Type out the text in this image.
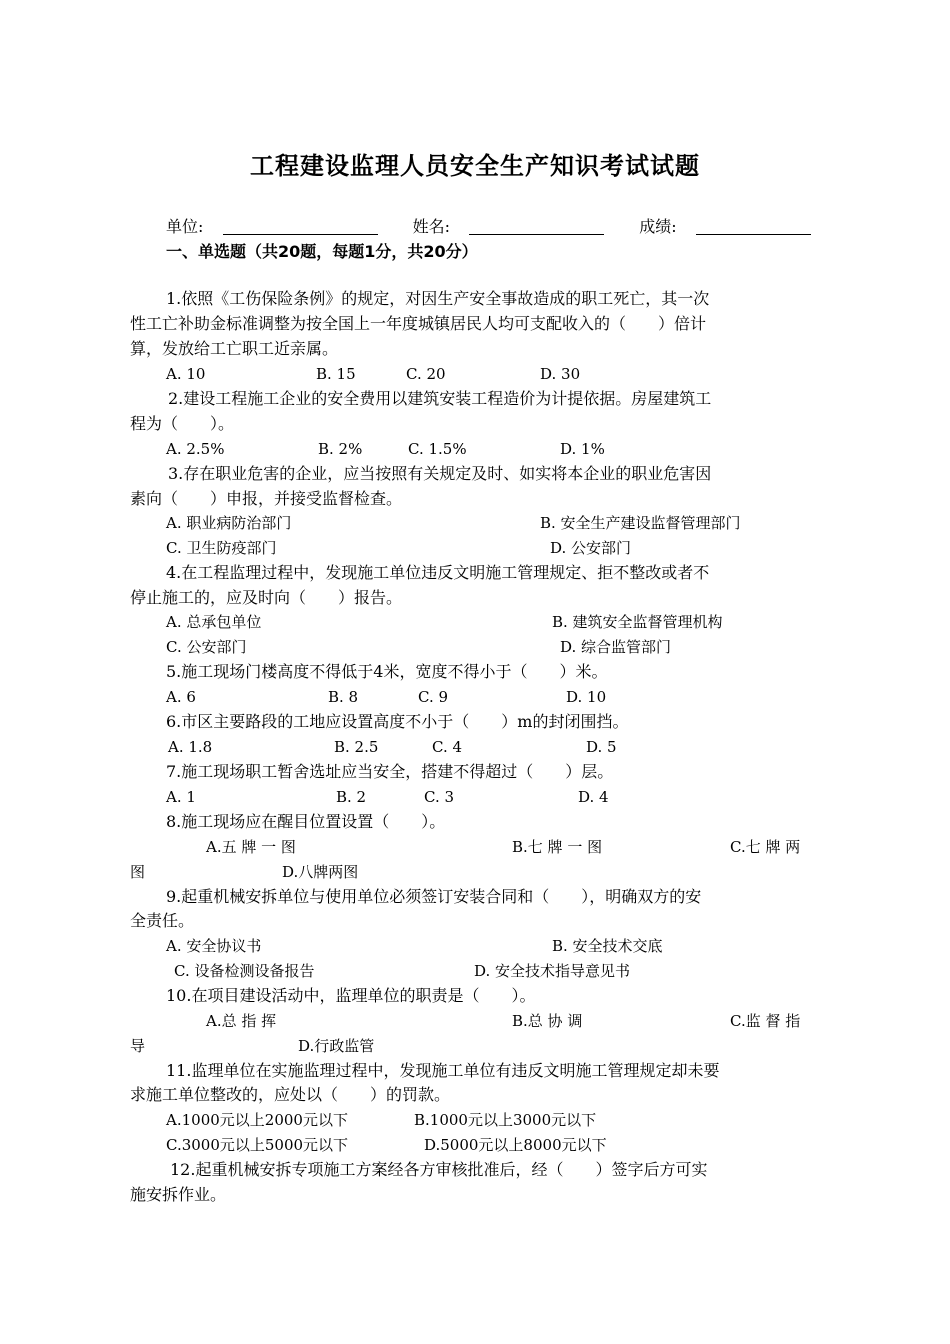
工程建设监理人员安全生产知识考试试题
单位:	姓名:	成绩:
一、单选题（共20题，每题1分，共20分）
1.依照《工伤保险条例》的规定，对因生产安全事故造成的职工死亡，其一次
性工亡补助金标准调整为按全国上一年度城镇居民人均可支配收入的（　　）倍计
算，发放给工亡职工近亲属。
A. 10	B. 15	C. 20	D. 30
2.建设工程施工企业的安全费用以建筑安装工程造价为计提依据。房屋建筑工
程为（　　）。
A. 2.5%	B. 2%	C. 1.5%	D. 1%
3.存在职业危害的企业，应当按照有关规定及时、如实将本企业的职业危害因
素向（　　）申报，并接受监督检查。
A. 职业病防治部门	B. 安全生产建设监督管理部门
C. 卫生防疫部门	D. 公安部门
4.在工程监理过程中，发现施工单位违反文明施工管理规定、拒不整改或者不
停止施工的，应及时向（　　）报告。
A. 总承包单位	B. 建筑安全监督管理机构
C. 公安部门	D. 综合监管部门
5.施工现场门楼高度不得低于4米，宽度不得小于（　　）米。
A. 6	B. 8	C. 9	D. 10
6.市区主要路段的工地应设置高度不小于（　　）m的封闭围挡。
A. 1.8	B. 2.5	C. 4	D. 5
7.施工现场职工暂舍选址应当安全，搭建不得超过（　　）层。
A. 1	B. 2	C. 3	D. 4
8.施工现场应在醒目位置设置（　　）。
A.五 牌 一 图	B.七 牌 一 图	C.七 牌 两
图	D.八牌两图
9.起重机械安拆单位与使用单位必须签订安装合同和（　　），明确双方的安
全责任。
A. 安全协议书	B. 安全技术交底
C. 设备检测设备报告	D. 安全技术指导意见书
10.在项目建设活动中，监理单位的职责是（　　）。
A.总 指 挥	B.总 协 调	C.监 督 指
导	D.行政监管
11.监理单位在实施监理过程中，发现施工单位有违反文明施工管理规定却未要
求施工单位整改的，应处以（　　）的罚款。
A.1000元以上2000元以下	B.1000元以上3000元以下
C.3000元以上5000元以下	D.5000元以上8000元以下
12.起重机械安拆专项施工方案经各方审核批准后，经（　　）签字后方可实
施安拆作业。
